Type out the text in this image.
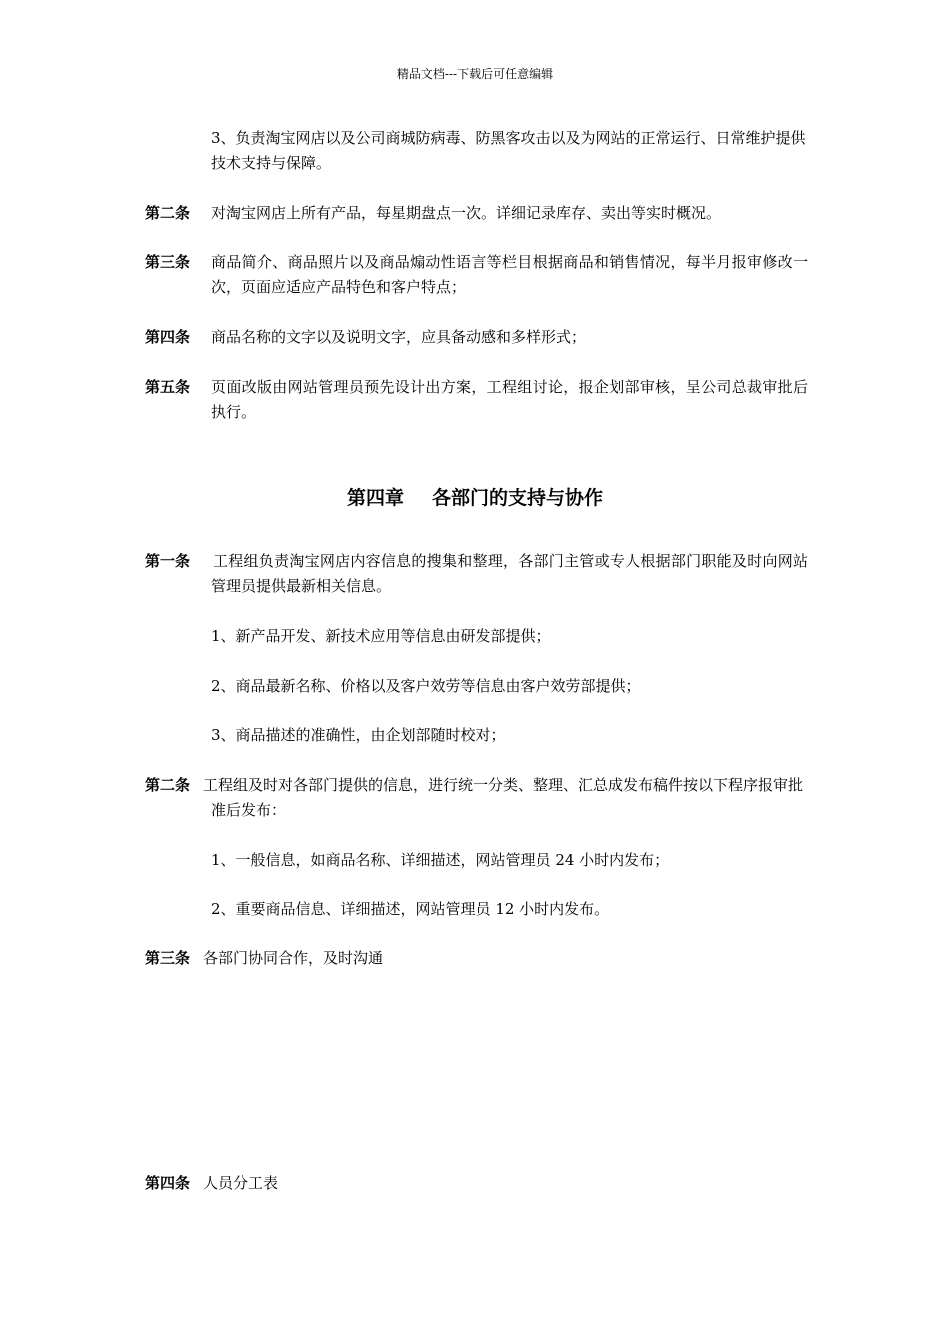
精品文档---下载后可任意编辑
3、负责淘宝网店以及公司商城防病毒、防黑客攻击以及为网站的正常运行、日常维护提供技术支持与保障。
第二条	对淘宝网店上所有产品，每星期盘点一次。详细记录库存、卖出等实时概况。
第三条	商品简介、商品照片以及商品煽动性语言等栏目根据商品和销售情况，每半月报审修改一次，页面应适应产品特色和客户特点；
第四条	商品名称的文字以及说明文字，应具备动感和多样形式；
第五条	页面改版由网站管理员预先设计出方案，工程组讨论，报企划部审核，呈公司总裁审批后执行。
第四章 各部门的支持与协作
第一条	工程组负责淘宝网店内容信息的搜集和整理，各部门主管或专人根据部门职能及时向网站管理员提供最新相关信息。
1、新产品开发、新技术应用等信息由研发部提供；
2、商品最新名称、价格以及客户效劳等信息由客户效劳部提供；
3、商品描述的准确性，由企划部随时校对；
第二条 工程组及时对各部门提供的信息，进行统一分类、整理、汇总成发布稿件按以下程序报审批准后发布：
1、一般信息，如商品名称、详细描述，网站管理员 24 小时内发布；
2、重要商品信息、详细描述，网站管理员 12 小时内发布。
第三条 各部门协同合作，及时沟通
第四条 人员分工表
